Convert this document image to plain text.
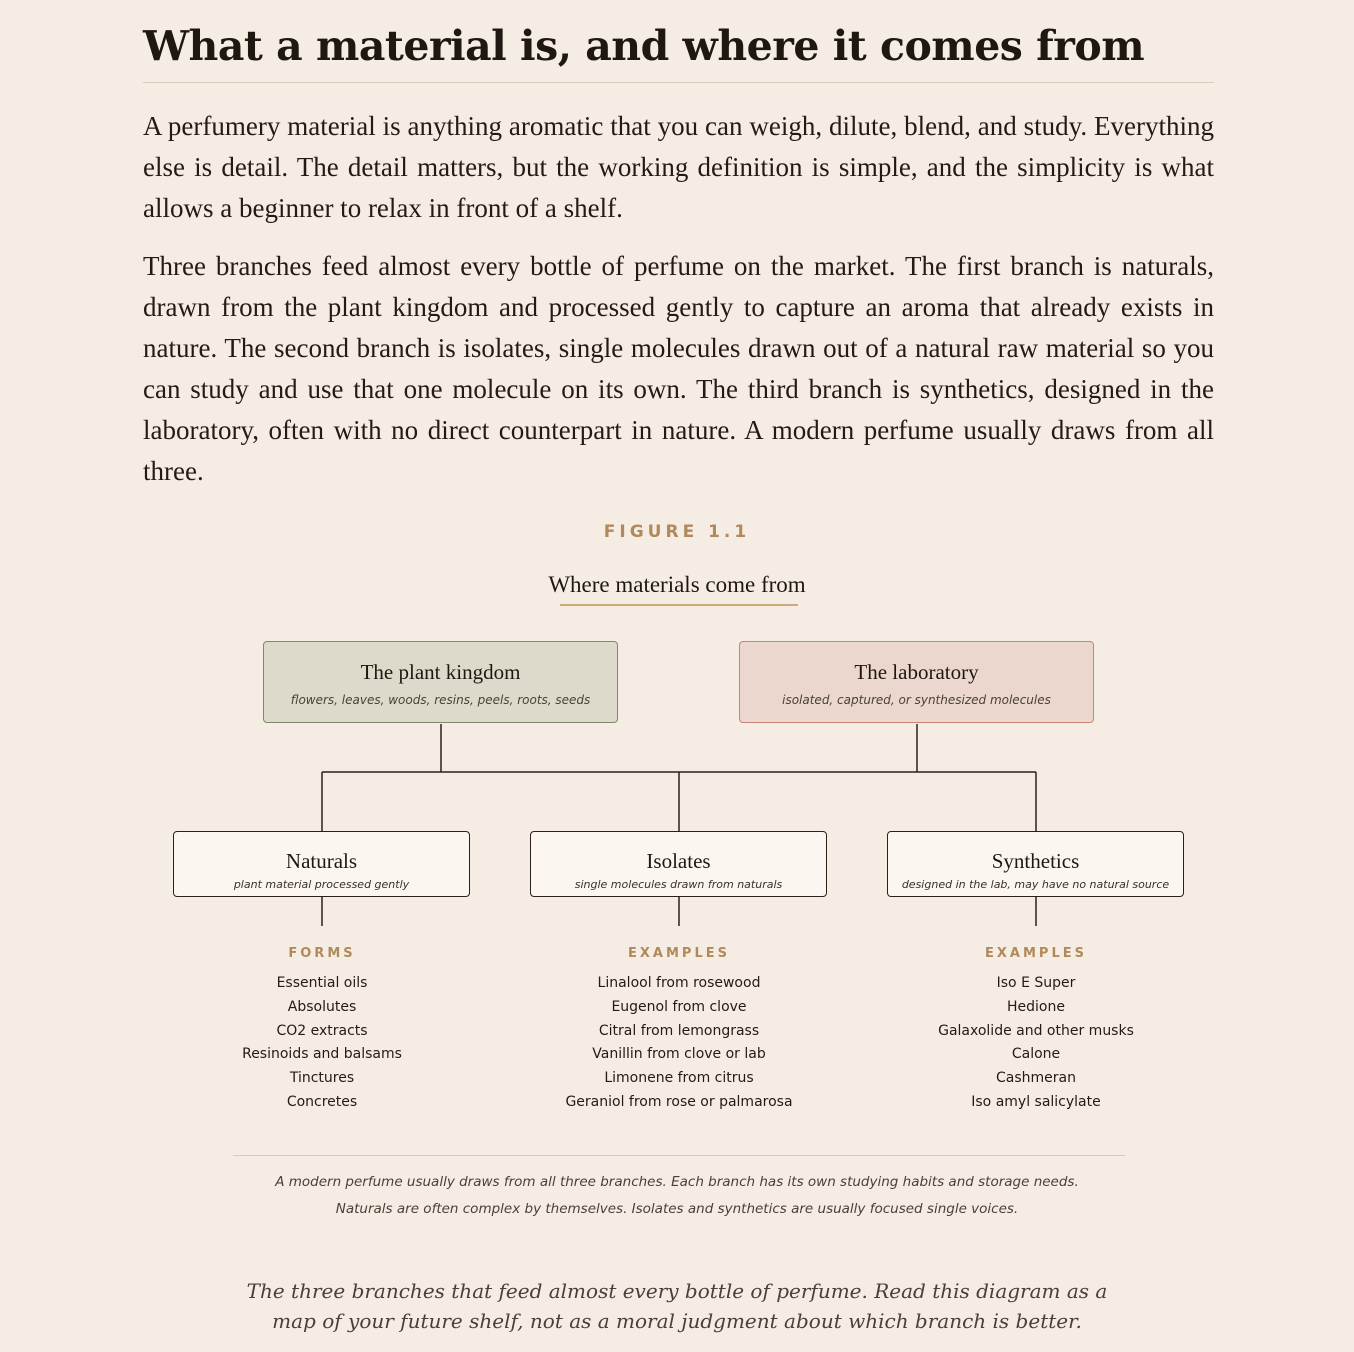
What a material is, and where it comes from

A perfumery material is anything aromatic that you can weigh, dilute, blend, and study. Everything else is detail. The detail matters, but the working definition is simple, and the simplicity is what allows a beginner to relax in front of a shelf.

Three branches feed almost every bottle of perfume on the market. The first branch is naturals, drawn from the plant kingdom and processed gently to capture an aroma that already exists in nature. The second branch is isolates, single molecules drawn out of a natural raw material so you can study and use that one molecule on its own. The third branch is synthetics, designed in the laboratory, often with no direct counterpart in nature. A modern perfume usually draws from all three.

FIGURE 1.1
Where materials come from
The plant kingdom
flowers, leaves, woods, resins, peels, roots, seeds
The laboratory
isolated, captured, or synthesized molecules
Naturals
plant material processed gently
Isolates
single molecules drawn from naturals
Synthetics
designed in the lab, may have no natural source
FORMS
Essential oils
Absolutes
CO2 extracts
Resinoids and balsams
Tinctures
Concretes
EXAMPLES
Linalool from rosewood
Eugenol from clove
Citral from lemongrass
Vanillin from clove or lab
Limonene from citrus
Geraniol from rose or palmarosa
EXAMPLES
Iso E Super
Hedione
Galaxolide and other musks
Calone
Cashmeran
Iso amyl salicylate
A modern perfume usually draws from all three branches. Each branch has its own studying habits and storage needs.
Naturals are often complex by themselves. Isolates and synthetics are usually focused single voices.
The three branches that feed almost every bottle of perfume. Read this diagram as a map of your future shelf, not as a moral judgment about which branch is better.
